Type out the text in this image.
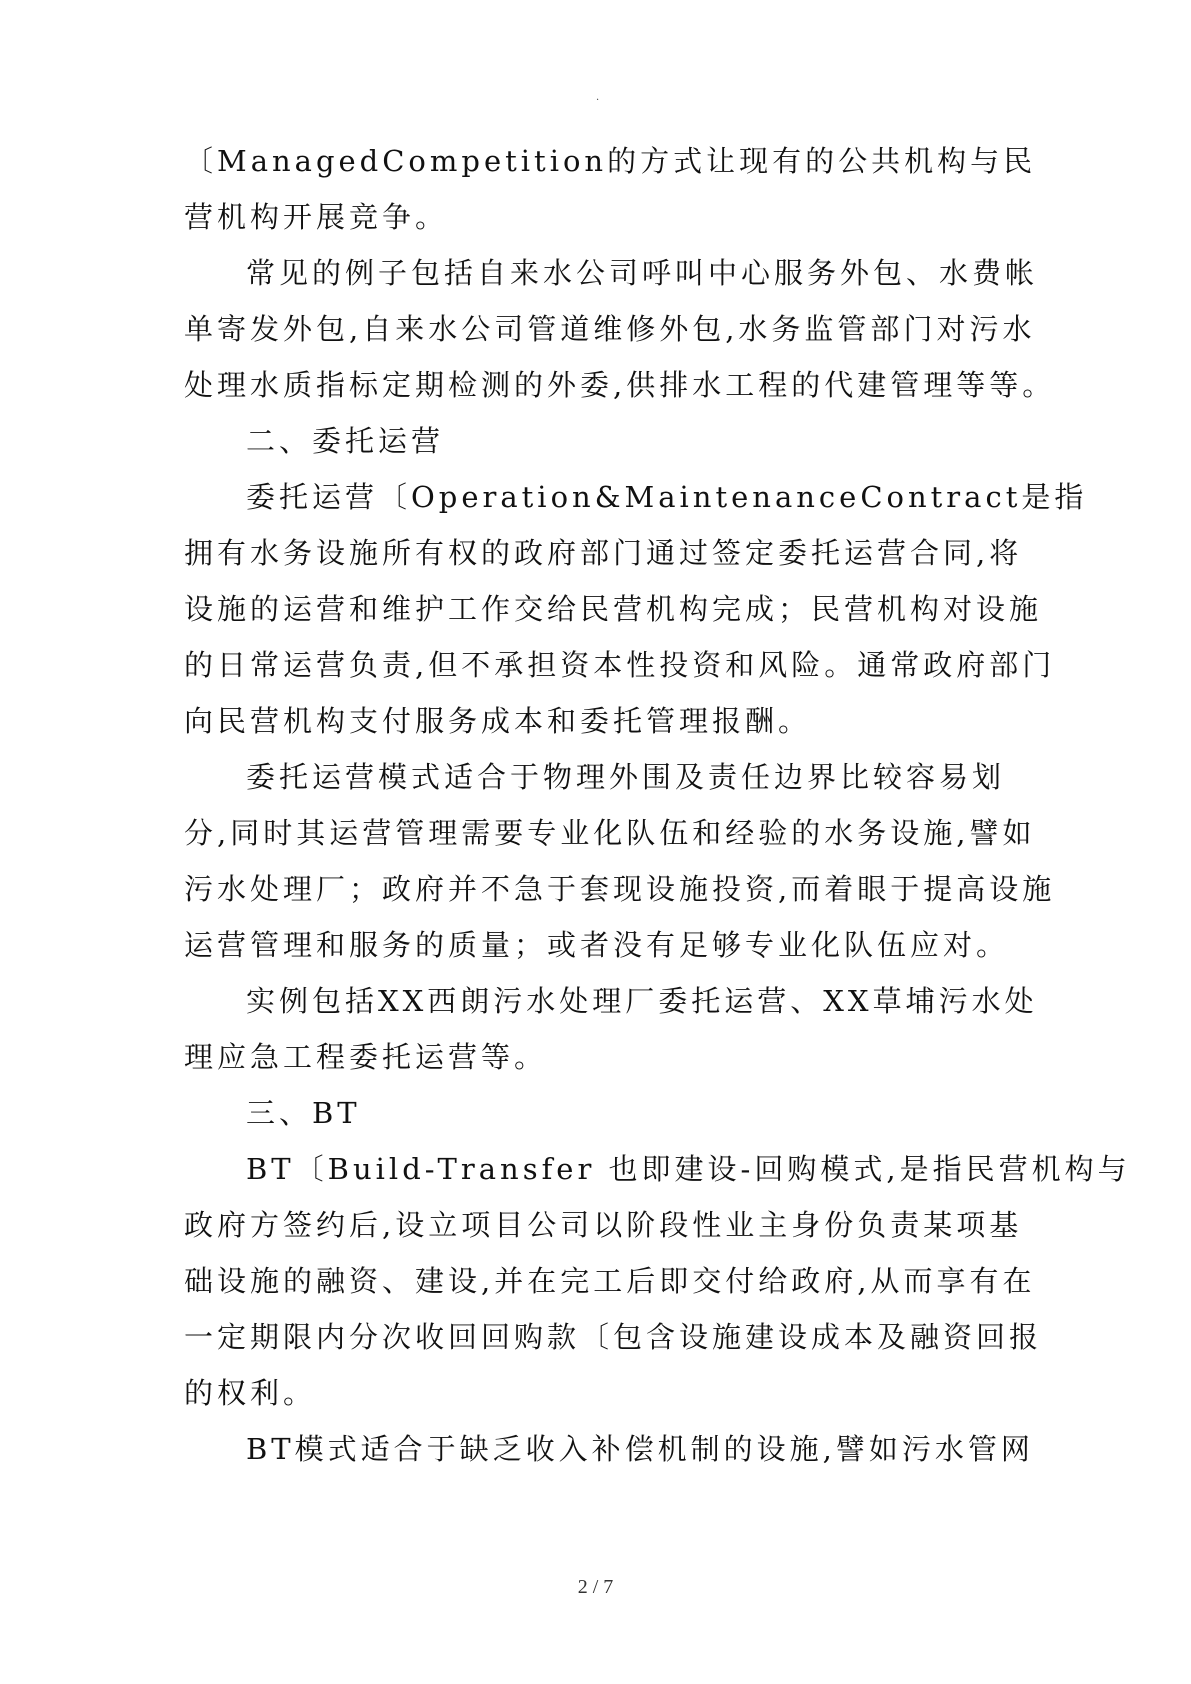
.
〔ManagedCompetition 的方式让现有的公共机构与民
营机构开展竞争。
常见的例子包括自来水公司呼叫中心服务外包、水费帐
单寄发外包,自来水公司管道维修外包,水务监管部门对污水
处理水质指标定期检测的外委,供排水工程的代建管理等等。
二、委托运营
委托运营〔Operation&MaintenanceContract 是指
拥有水务设施所有权的政府部门通过签定委托运营合同,将
设施的运营和维护工作交给民营机构完成；民营机构对设施
的日常运营负责,但不承担资本性投资和风险。通常政府部门
向民营机构支付服务成本和委托管理报酬。
委托运营模式适合于物理外围及责任边界比较容易划
分,同时其运营管理需要专业化队伍和经验的水务设施,譬如
污水处理厂；政府并不急于套现设施投资,而着眼于提高设施
运营管理和服务的质量；或者没有足够专业化队伍应对。
实例包括XX西朗污水处理厂委托运营、XX草埔污水处
理应急工程委托运营等。
三、BT
BT〔Build-Transfer 也即建设-回购模式,是指民营机构与
政府方签约后,设立项目公司以阶段性业主身份负责某项基
础设施的融资、建设,并在完工后即交付给政府,从而享有在
一定期限内分次收回回购款〔包含设施建设成本及融资回报
的权利。
BT模式适合于缺乏收入补偿机制的设施,譬如污水管网
2 / 7
